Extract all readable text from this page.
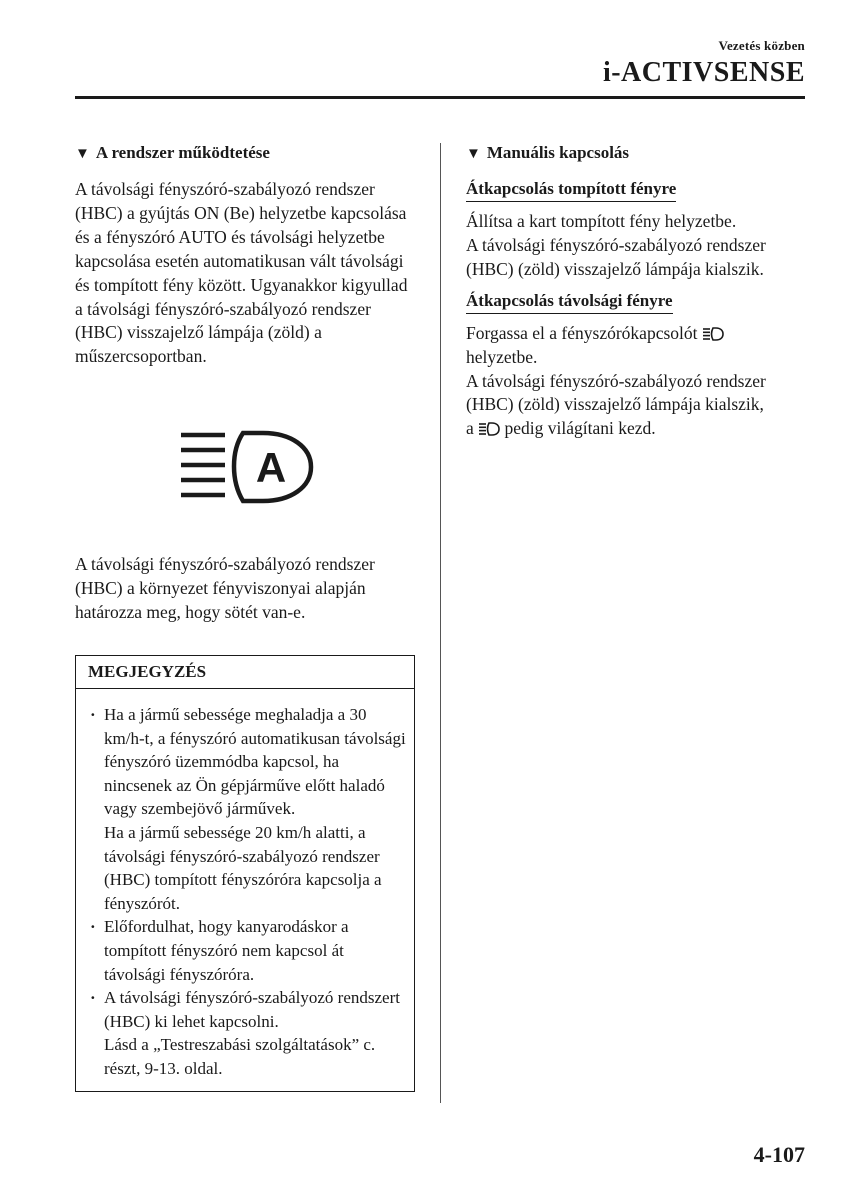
Vezetés közben
i-ACTIVSENSE
▼ A rendszer működtetése

A távolsági fényszóró-szabályozó rendszer (HBC) a gyújtás ON (Be) helyzetbe kapcsolása és a fényszóró AUTO és távolsági helyzetbe kapcsolása esetén automatikusan vált távolsági és tompított fény között. Ugyanakkor kigyullad a távolsági fényszóró-szabályozó rendszer (HBC) visszajelző lámpája (zöld) a műszercsoportban.

A

A távolsági fényszóró-szabályozó rendszer (HBC) a környezet fényviszonyai alapján határozza meg, hogy sötét van-e.

MEGJEGYZÉS
· Ha a jármű sebessége meghaladja a 30 km/h-t, a fényszóró automatikusan távolsági fényszóró üzemmódba kapcsol, ha nincsenek az Ön gépjárműve előtt haladó vagy szembejövő járművek.
Ha a jármű sebessége 20 km/h alatti, a távolsági fényszóró-szabályozó rendszer (HBC) tompított fényszóróra kapcsolja a fényszórót.
· Előfordulhat, hogy kanyarodáskor a tompított fényszóró nem kapcsol át távolsági fényszóróra.
· A távolsági fényszóró-szabályozó rendszert (HBC) ki lehet kapcsolni.
Lásd a „Testreszabási szolgáltatások” c. részt, 9-13. oldal.
▼ Manuális kapcsolás
Átkapcsolás tompított fényre

Állítsa a kart tompított fény helyzetbe.
A távolsági fényszóró-szabályozó rendszer (HBC) (zöld) visszajelző lámpája kialszik.

Átkapcsolás távolsági fényre

Forgassa el a fényszórókapcsolót
helyzetbe.
A távolsági fényszóró-szabályozó rendszer (HBC) (zöld) visszajelző lámpája kialszik,
a pedig világítani kezd.

4-107
